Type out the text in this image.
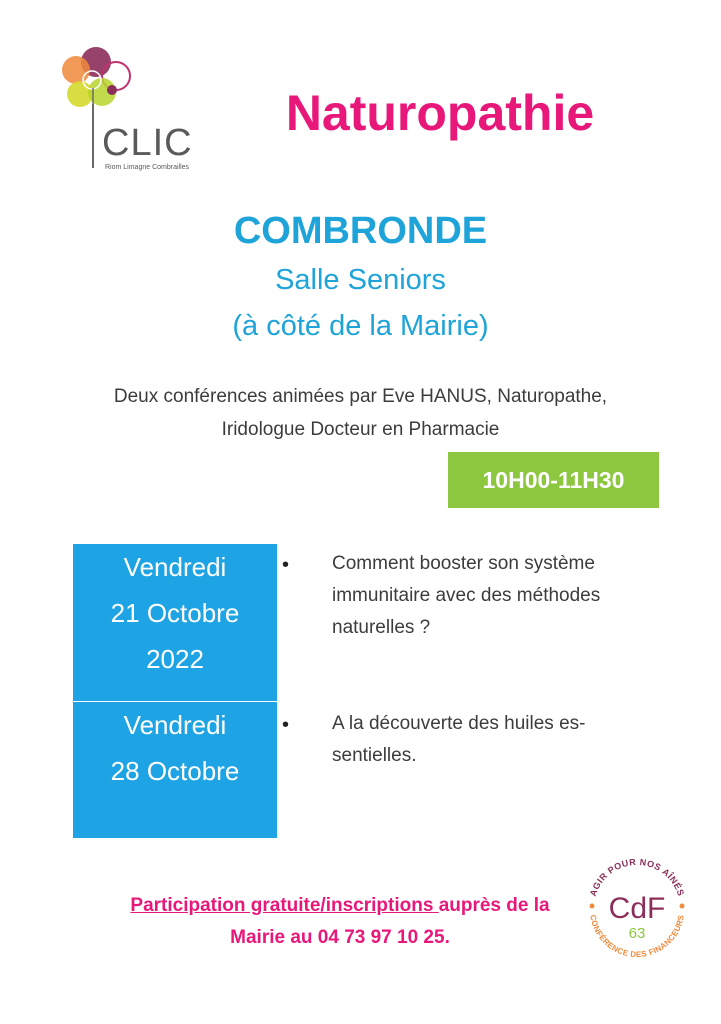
CLIC
Riom Limagne Combrailles
Naturopathie
COMBRONDE
Salle Seniors
(à côté de la Mairie)
Deux conférences animées par Eve HANUS, Naturopathe,
Iridologue Docteur en Pharmacie
10H00-11H30
Vendredi
21 Octobre
2022
• Comment booster son système
immunitaire avec des méthodes
naturelles ?
Vendredi
28 Octobre
• A la découverte des huiles es-
sentielles.
Participation gratuite/inscriptions auprès de la
Mairie au 04 73 97 10 25.
AGIR POUR NOS AÎNÉS
CONFÉRENCE DES FINANCEURS
CdF
63
